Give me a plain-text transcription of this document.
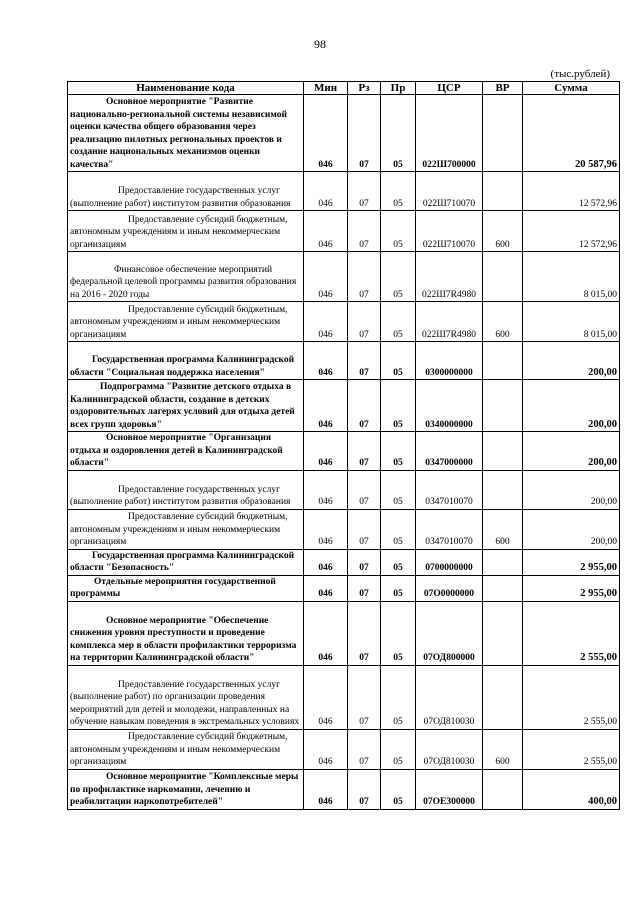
98
(тыс.рублей)
Наименование кода	Мин	Рз	Пр	ЦСР	ВР	Сумма
Основное мероприятие "Развитие национально-региональной системы независимой оценки качества общего образования через реализацию пилотных региональных проектов и создание национальных механизмов оценки качества"	046	07	05	022Ш700000		20 587,96
Предоставление государственных услуг (выполнение работ) институтом развития образования	046	07	05	022Ш710070		12 572,96
Предоставление субсидий бюджетным, автономным учреждениям и иным некоммерческим организациям	046	07	05	022Ш710070	600	12 572,96
Финансовое обеспечение мероприятий федеральной целевой программы развития образования на 2016 - 2020 годы	046	07	05	022Ш7R4980		8 015,00
Предоставление субсидий бюджетным, автономным учреждениям и иным некоммерческим организациям	046	07	05	022Ш7R4980	600	8 015,00
Государственная программа Калининградской области "Социальная поддержка населения"	046	07	05	0300000000		200,00
Подпрограмма "Развитие детского отдыха в Калининградской области, создание в детских оздоровительных лагерях условий для отдыха детей всех групп здоровья"	046	07	05	0340000000		200,00
Основное мероприятие "Организация отдыха и оздоровления детей в Калининградской области"	046	07	05	0347000000		200,00
Предоставление государственных услуг (выполнение работ) институтом развития образования	046	07	05	0347010070		200,00
Предоставление субсидий бюджетным, автономным учреждениям и иным некоммерческим организациям	046	07	05	0347010070	600	200,00
Государственная программа Калининградской области "Безопасность"	046	07	05	0700000000		2 955,00
Отдельные мероприятия государственной программы	046	07	05	07О0000000		2 955,00
Основное мероприятие "Обеспечение снижения уровня преступности и проведение комплекса мер в области профилактики терроризма на территории Калининградской области"	046	07	05	07ОД800000		2 555,00
Предоставление государственных услуг (выполнение работ) по организации проведения мероприятий для детей и молодежи, направленных на обучение навыкам поведения в экстремальных условиях	046	07	05	07ОД810030		2 555,00
Предоставление субсидий бюджетным, автономным учреждениям и иным некоммерческим организациям	046	07	05	07ОД810030	600	2 555,00
Основное мероприятие "Комплексные меры по профилактике наркомании, лечению и реабилитации наркопотребителей"	046	07	05	07ОЕ300000		400,00
